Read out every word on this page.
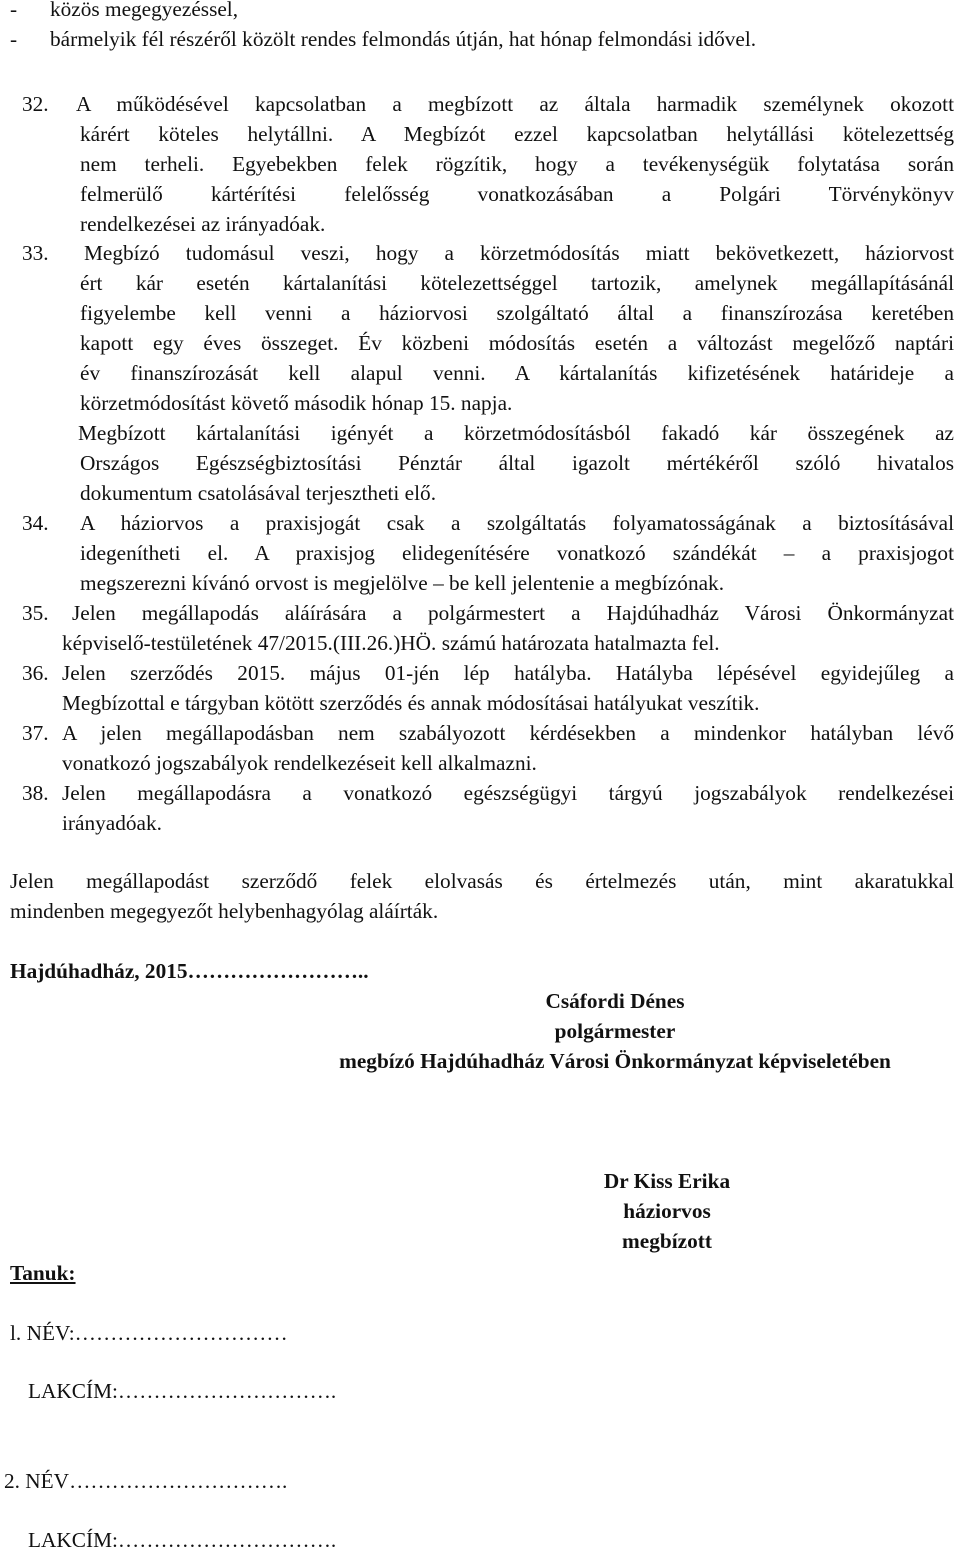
- közös megegyezéssel,
- bármelyik fél részéről közölt rendes felmondás útján, hat hónap felmondási idővel.
32. A működésével kapcsolatban a megbízott az általa harmadik személynek okozott
kárért köteles helytállni. A Megbízót ezzel kapcsolatban helytállási kötelezettség
nem terheli. Egyebekben felek rögzítik, hogy a tevékenységük folytatása során
felmerülő kártérítési felelősség vonatkozásában a Polgári Törvénykönyv
rendelkezései az irányadóak.
33. Megbízó tudomásul veszi, hogy a körzetmódosítás miatt bekövetkezett, háziorvost
ért kár esetén kártalanítási kötelezettséggel tartozik, amelynek megállapításánál
figyelembe kell venni a háziorvosi szolgáltató által a finanszírozása keretében
kapott egy éves összeget. Év közbeni módosítás esetén a változást megelőző naptári
év finanszírozását kell alapul venni. A kártalanítás kifizetésének határideje a
körzetmódosítást követő második hónap 15. napja.
Megbízott kártalanítási igényét a körzetmódosításból fakadó kár összegének az
Országos Egészségbiztosítási Pénztár által igazolt mértékéről szóló hivatalos
dokumentum csatolásával terjesztheti elő.
34. A háziorvos a praxisjogát csak a szolgáltatás folyamatosságának a biztosításával
idegenítheti el. A praxisjog elidegenítésére vonatkozó szándékát – a praxisjogot
megszerezni kívánó orvost is megjelölve – be kell jelentenie a megbízónak.
35. Jelen megállapodás aláírására a polgármestert a Hajdúhadház Városi Önkormányzat
képviselő-testületének 47/2015.(III.26.)HÖ. számú határozata hatalmazta fel.
36. Jelen szerződés 2015. május 01-jén lép hatályba. Hatályba lépésével egyidejűleg a
Megbízottal e tárgyban kötött szerződés és annak módosításai hatályukat veszítik.
37. A jelen megállapodásban nem szabályozott kérdésekben a mindenkor hatályban lévő
vonatkozó jogszabályok rendelkezéseit kell alkalmazni.
38. Jelen megállapodásra a vonatkozó egészségügyi tárgyú jogszabályok rendelkezései
irányadóak.
Jelen megállapodást szerződő felek elolvasás és értelmezés után, mint akaratukkal
mindenben megegyezőt helybenhagyólag aláírták.
Hajdúhadház, 2015……………………..
Csáfordi Dénes
polgármester
megbízó Hajdúhadház Városi Önkormányzat képviseletében
Dr Kiss Erika
háziorvos
megbízott
Tanuk:
l. NÉV:…………………………
LAKCÍM:………………………….
2. NÉV………………………….
LAKCÍM:………………………….
